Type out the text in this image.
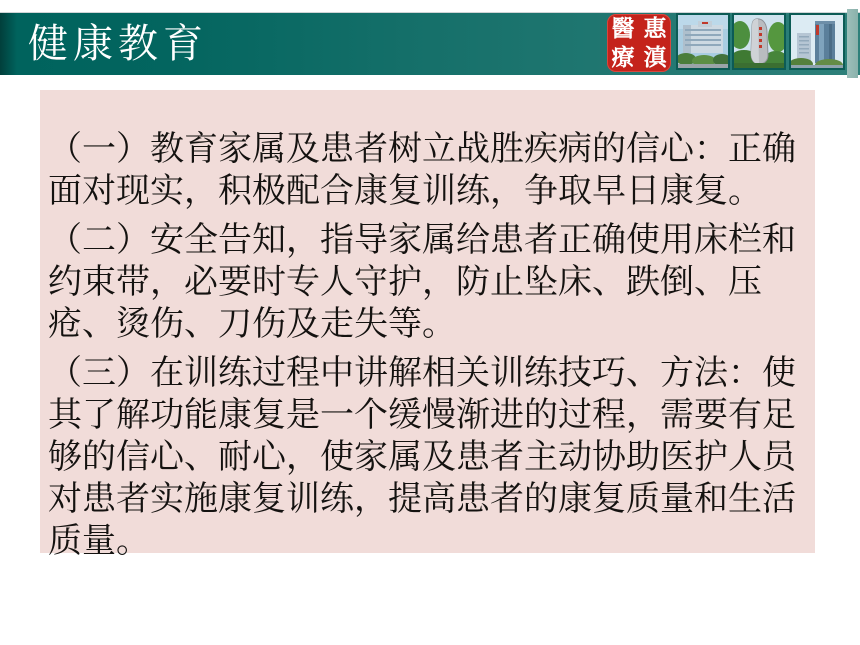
健康教育	醫 惠
療 滇

（一）教育家属及患者树立战胜疾病的信心：正确面对现实，积极配合康复训练，争取早日康复。

（二）安全告知，指导家属给患者正确使用床栏和约束带，必要时专人守护，防止坠床、跌倒、压疮、烫伤、刀伤及走失等。

（三）在训练过程中讲解相关训练技巧、方法：使其了解功能康复是一个缓慢渐进的过程，需要有足够的信心、耐心，使家属及患者主动协助医护人员对患者实施康复训练，提高患者的康复质量和生活质量。
